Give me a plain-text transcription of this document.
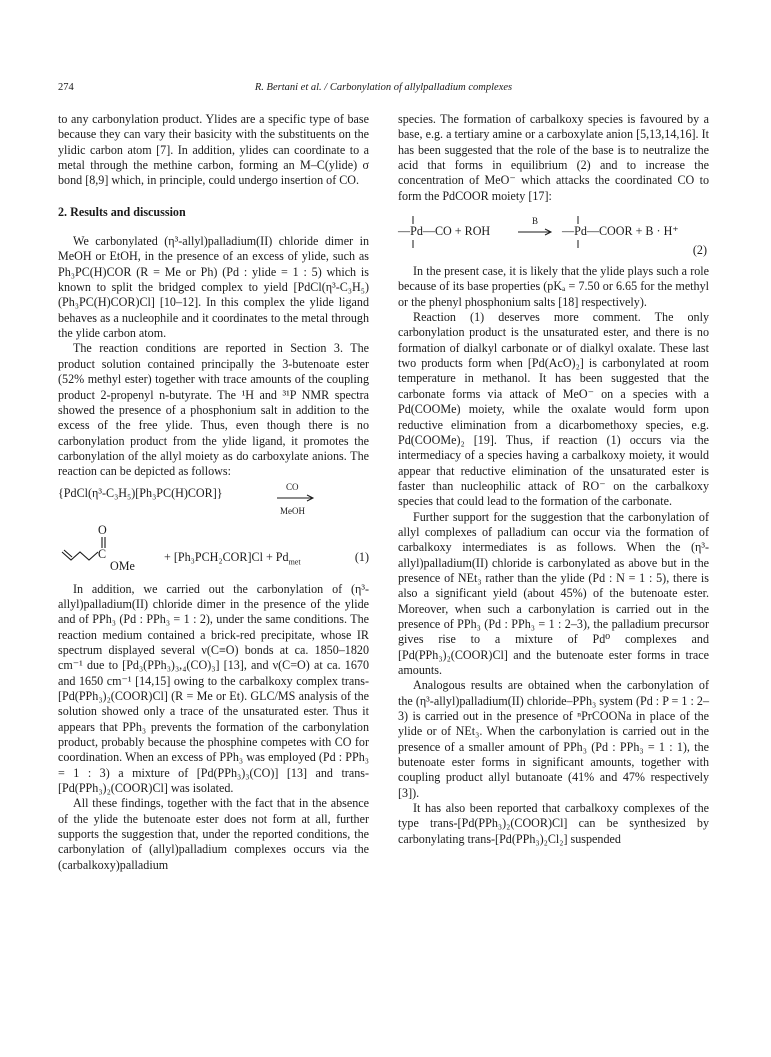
274	R. Bertani et al. / Carbonylation of allylpalladium complexes

to any carbonylation product. Ylides are a specific type of base because they can vary their basicity with the substituents on the ylidic carbon atom [7]. In addition, ylides can coordinate to a metal through the methine carbon, forming an M–C(ylide) σ bond [8,9] which, in principle, could undergo insertion of CO.

2. Results and discussion

We carbonylated (η³-allyl)palladium(II) chloride dimer in MeOH or EtOH, in the presence of an excess of ylide, such as Ph₃PC(H)COR (R = Me or Ph) (Pd : ylide = 1 : 5) which is known to split the bridged complex to yield [PdCl(η³-C₃H₅)(Ph₃PC(H)COR)Cl] [10–12]. In this complex the ylide ligand behaves as a nucleophile and it coordinates to the metal through the ylide carbon atom.

The reaction conditions are reported in Section 3. The product solution contained principally the 3-butenoate ester (52% methyl ester) together with trace amounts of the coupling product 2-propenyl n-butyrate. The ¹H and ³¹P NMR spectra showed the presence of a phosphonium salt in addition to the excess of the free ylide. Thus, even though there is no carbonylation product from the ylide ligand, it promotes the carbonylation of the allyl moiety as do carboxylate anions. The reaction can be depicted as follows:

{PdCl(η³-C₃H₅)[Ph₃PC(H)COR]}	CO
MeOH
O
C
OMe
+ $[Ph_3PCH_2COR]Cl + Pd_{met}$	(1)

In addition, we carried out the carbonylation of (η³-allyl)palladium(II) chloride dimer in the presence of the ylide and of PPh₃ (Pd : PPh₃ = 1 : 2), under the same conditions. The reaction medium contained a brick-red precipitate, whose IR spectrum displayed several ν(C≡O) bonds at ca. 1850–1820 cm⁻¹ due to [Pd₃(PPh₃)₃,₄(CO)₃] [13], and ν(C=O) at ca. 1670 and 1650 cm⁻¹ [14,15] owing to the carbalkoxy complex trans-[Pd(PPh₃)₂(COOR)Cl] (R = Me or Et). GLC/MS analysis of the solution showed only a trace of the unsaturated ester. Thus it appears that PPh₃ prevents the formation of the carbonylation product, probably because the phosphine competes with CO for coordination. When an excess of PPh₃ was employed (Pd : PPh₃ = 1 : 3) a mixture of [Pd(PPh₃)₃(CO)] [13] and trans-[Pd(PPh₃)₂(COOR)Cl] was isolated.

All these findings, together with the fact that in the absence of the ylide the butenoate ester does not form at all, further supports the suggestion that, under the reported conditions, the carbonylation of (allyl)palladium complexes occurs via the (carbalkoxy)palladium

species. The formation of carbalkoxy species is favoured by a base, e.g. a tertiary amine or a carboxylate anion [5,13,14,16]. It has been suggested that the role of the base is to neutralize the acid that forms in equilibrium (2) and to increase the concentration of MeO⁻ which attacks the coordinated CO to form the PdCOOR moiety [17]:

—Pd—CO + ROH
B
—Pd—COOR + B · H⁺
(2)

In the present case, it is likely that the ylide plays such a role because of its base properties (pKₐ = 7.50 or 6.65 for the methyl or the phenyl phosphonium salts [18] respectively).

Reaction (1) deserves more comment. The only carbonylation product is the unsaturated ester, and there is no formation of dialkyl carbonate or of dialkyl oxalate. These last two products form when [Pd(AcO)₂] is carbonylated at room temperature in methanol. It has been suggested that the carbonate forms via attack of MeO⁻ on a species with a Pd(COOMe) moiety, while the oxalate would form upon reductive elimination from a dicarbomethoxy species, e.g. Pd(COOMe)₂ [19]. Thus, if reaction (1) occurs via the intermediacy of a species having a carbalkoxy moiety, it would appear that reductive elimination of the unsaturated ester is faster than nucleophilic attack of RO⁻ on the carbalkoxy species that could lead to the formation of the carbonate.

Further support for the suggestion that the carbonylation of allyl complexes of palladium can occur via the formation of carbalkoxy intermediates is as follows. When the (η³-allyl)palladium(II) chloride is carbonylated as above but in the presence of NEt₃ rather than the ylide (Pd : N = 1 : 5), there is also a significant yield (about 45%) of the butenoate ester. Moreover, when such a carbonylation is carried out in the presence of PPh₃ (Pd : PPh₃ = 1 : 2–3), the palladium precursor gives rise to a mixture of Pd⁰ complexes and [Pd(PPh₃)₂(COOR)Cl] and the butenoate ester forms in trace amounts.

Analogous results are obtained when the carbonylation of the (η³-allyl)palladium(II) chloride–PPh₃ system (Pd : P = 1 : 2–3) is carried out in the presence of ⁿPrCOONa in place of the ylide or of NEt₃. When the carbonylation is carried out in the presence of a smaller amount of PPh₃ (Pd : PPh₃ = 1 : 1), the butenoate ester forms in significant amounts, together with coupling product allyl butanoate (41% and 47% respectively [3]).

It has also been reported that carbalkoxy complexes of the type trans-[Pd(PPh₃)₂(COOR)Cl] can be synthesized by carbonylating trans-[Pd(PPh₃)₂Cl₂] suspended
